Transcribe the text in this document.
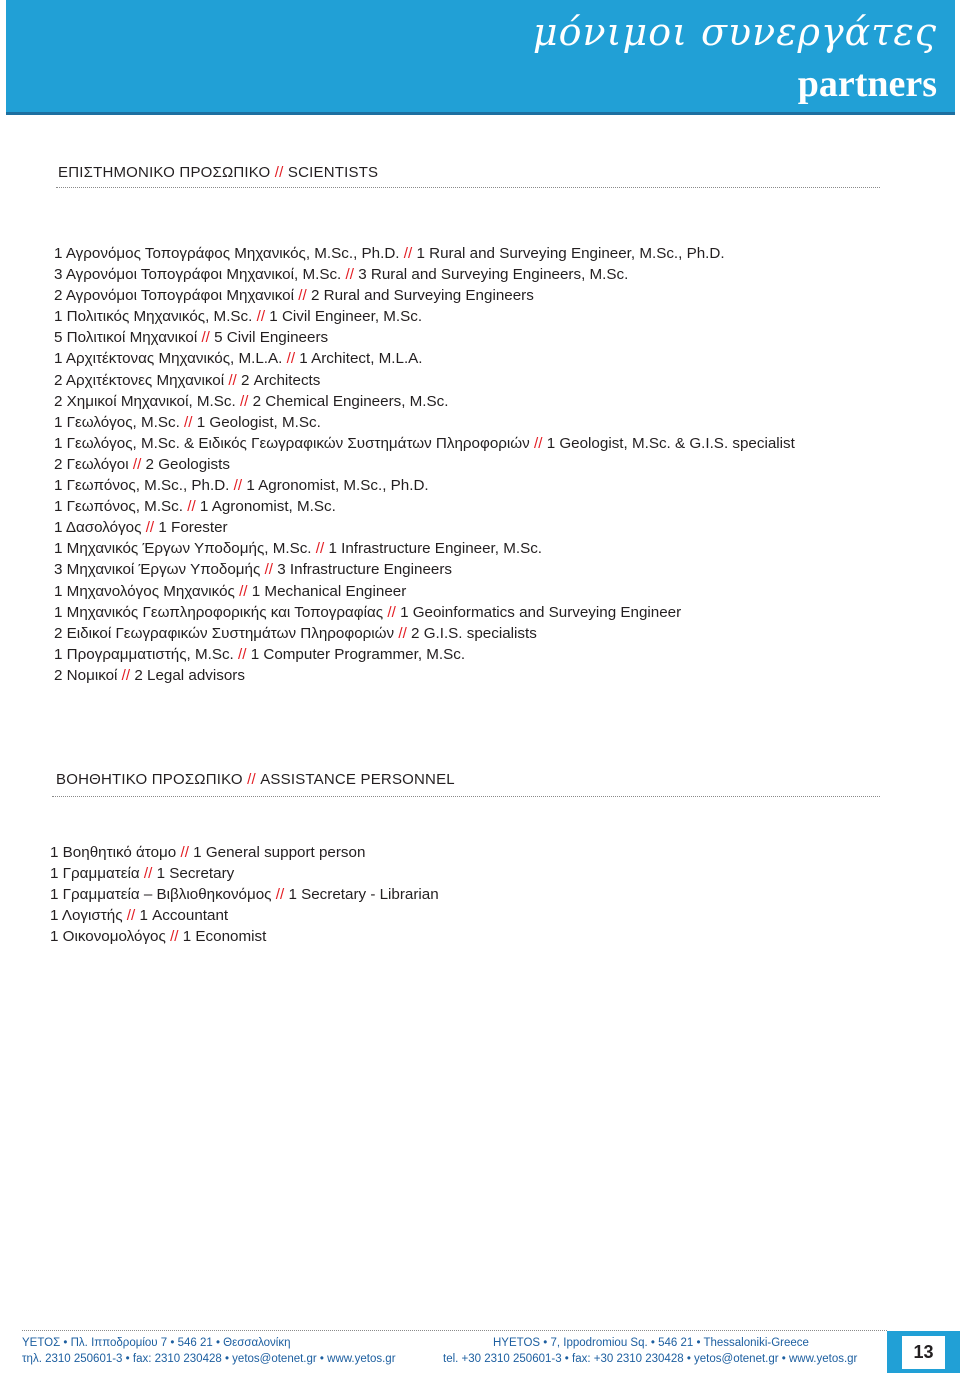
μόνιμοι συνεργάτες
partners
ΕΠΙΣΤΗΜΟΝΙΚΟ ΠΡΟΣΩΠΙΚΟ // SCIENTISTS
1 Αγρονόμος Τοπογράφος Μηχανικός, M.Sc., Ph.D. // 1 Rural and Surveying Engineer, M.Sc., Ph.D.
3 Αγρονόμοι Τοπογράφοι Μηχανικοί, M.Sc. // 3 Rural and Surveying Engineers, M.Sc.
2 Αγρονόμοι Τοπογράφοι Μηχανικοί // 2 Rural and Surveying Engineers
1 Πολιτικός Μηχανικός, M.Sc. // 1 Civil Engineer, M.Sc.
5 Πολιτικοί Μηχανικοί // 5 Civil Engineers
1 Αρχιτέκτονας Μηχανικός, M.L.A. // 1 Architect, M.L.A.
2 Αρχιτέκτονες Μηχανικοί // 2 Architects
2 Χημικοί Μηχανικοί, M.Sc. // 2 Chemical Engineers, M.Sc.
1 Γεωλόγος, M.Sc. // 1 Geologist, M.Sc.
1 Γεωλόγος, M.Sc. & Ειδικός Γεωγραφικών Συστημάτων Πληροφοριών // 1 Geologist, M.Sc. & G.I.S. specialist
2 Γεωλόγοι // 2 Geologists
1 Γεωπόνος, M.Sc., Ph.D. // 1 Agronomist, M.Sc., Ph.D.
1 Γεωπόνος, M.Sc. // 1 Agronomist, M.Sc.
1 Δασολόγος // 1 Forester
1 Μηχανικός Έργων Υποδομής, M.Sc. // 1 Infrastructure Engineer, M.Sc.
3 Μηχανικοί Έργων Υποδομής // 3 Infrastructure Engineers
1 Μηχανολόγος Μηχανικός // 1 Mechanical Engineer
1 Μηχανικός Γεωπληροφορικής και Τοπογραφίας // 1 Geoinformatics and Surveying Engineer
2 Ειδικοί Γεωγραφικών Συστημάτων Πληροφοριών // 2 G.I.S. specialists
1 Προγραμματιστής, M.Sc. // 1 Computer Programmer, M.Sc.
2 Νομικοί // 2 Legal advisors
ΒΟΗΘΗΤΙΚΟ ΠΡΟΣΩΠΙΚΟ // ASSISTANCE PERSONNEL
1 Βοηθητικό άτομο // 1 General support person
1 Γραμματεία // 1 Secretary
1 Γραμματεία – Βιβλιοθηκονόμος // 1 Secretary - Librarian
1 Λογιστής // 1 Accountant
1 Οικονομολόγος // 1 Economist
ΥΕΤΟΣ • Πλ. Ιπποδρομίου 7 • 546 21 • Θεσσαλονίκη
τηλ. 2310 250601-3 • fax: 2310 230428 • yetos@otenet.gr • www.yetos.gr
HYETOS • 7, Ippodromiou Sq. • 546 21 • Thessaloniki-Greece
tel. +30 2310 250601-3 • fax: +30 2310 230428 • yetos@otenet.gr • www.yetos.gr	13
